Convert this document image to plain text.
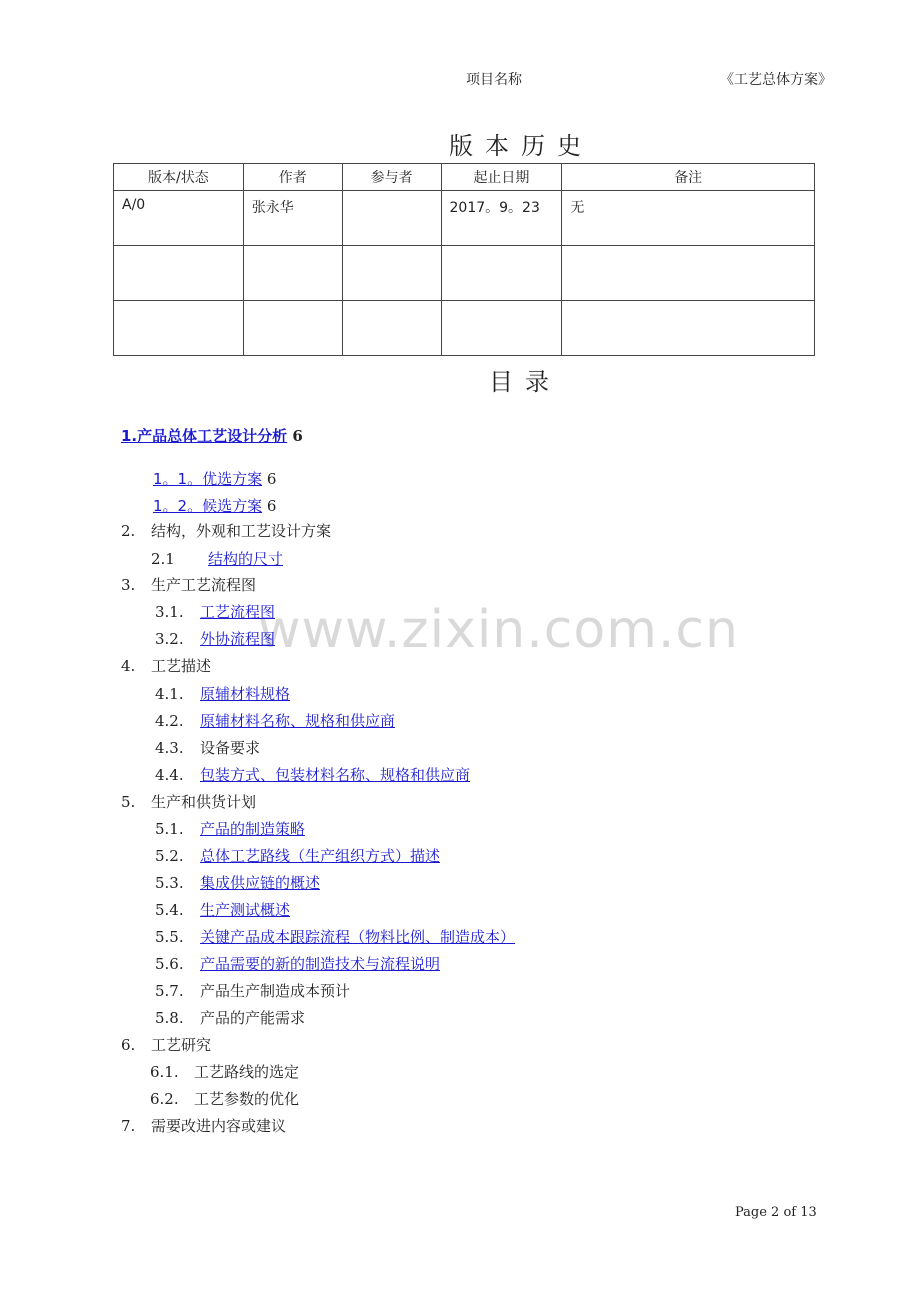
项目名称	《工艺总体方案》
版本历史
版本/状态	作者	参与者	起止日期	备注
A/0	张永华		2017。9。23	无

目录
www.zixin.com.cn
1.产品总体工艺设计分析 6
1。1。优选方案 6
1。2。候选方案 6
2. 结构，外观和工艺设计方案
2.1 结构的尺寸
3. 生产工艺流程图
3.1. 工艺流程图
3.2. 外协流程图
4. 工艺描述
4.1. 原辅材料规格
4.2. 原辅材料名称、规格和供应商
4.3. 设备要求
4.4. 包装方式、包装材料名称、规格和供应商
5. 生产和供货计划
5.1. 产品的制造策略
5.2. 总体工艺路线（生产组织方式）描述
5.3. 集成供应链的概述
5.4. 生产测试概述
5.5. 关键产品成本跟踪流程（物料比例、制造成本）
5.6. 产品需要的新的制造技术与流程说明
5.7. 产品生产制造成本预计
5.8. 产品的产能需求
6. 工艺研究
6.1. 工艺路线的选定
6.2. 工艺参数的优化
7. 需要改进内容或建议
Page 2 of 13
